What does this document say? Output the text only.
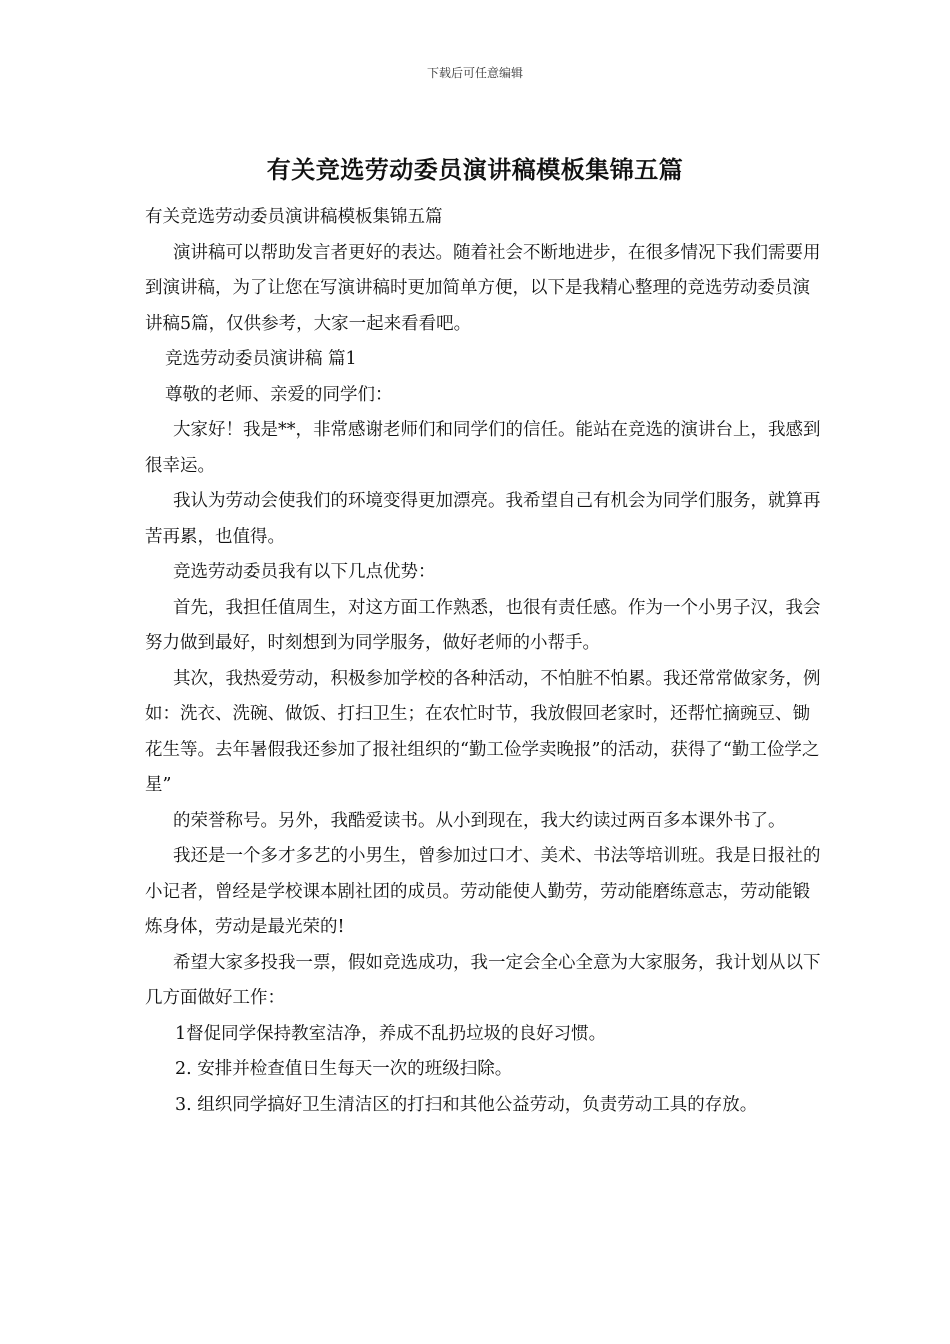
下载后可任意编辑
有关竞选劳动委员演讲稿模板集锦五篇

有关竞选劳动委员演讲稿模板集锦五篇

演讲稿可以帮助发言者更好的表达。随着社会不断地进步，在很多情况下我们需要用到演讲稿，为了让您在写演讲稿时更加简单方便，以下是我精心整理的竞选劳动委员演讲稿5篇，仅供参考，大家一起来看看吧。

竞选劳动委员演讲稿 篇1

尊敬的老师、亲爱的同学们：

大家好！我是**，非常感谢老师们和同学们的信任。能站在竞选的演讲台上，我感到很幸运。

我认为劳动会使我们的环境变得更加漂亮。我希望自己有机会为同学们服务，就算再苦再累，也值得。

竞选劳动委员我有以下几点优势：

首先，我担任值周生，对这方面工作熟悉，也很有责任感。作为一个小男子汉，我会努力做到最好，时刻想到为同学服务，做好老师的小帮手。

其次，我热爱劳动，积极参加学校的各种活动，不怕脏不怕累。我还常常做家务，例如：洗衣、洗碗、做饭、打扫卫生；在农忙时节，我放假回老家时，还帮忙摘豌豆、锄花生等。去年暑假我还参加了报社组织的“勤工俭学卖晚报”的活动，获得了“勤工俭学之星”

的荣誉称号。另外，我酷爱读书。从小到现在，我大约读过两百多本课外书了。

我还是一个多才多艺的小男生，曾参加过口才、美术、书法等培训班。我是日报社的小记者，曾经是学校课本剧社团的成员。劳动能使人勤劳，劳动能磨练意志，劳动能锻炼身体，劳动是最光荣的!

希望大家多投我一票，假如竞选成功，我一定会全心全意为大家服务，我计划从以下几方面做好工作：

1督促同学保持教室洁净，养成不乱扔垃圾的良好习惯。

2. 安排并检查值日生每天一次的班级扫除。

3. 组织同学搞好卫生清洁区的打扫和其他公益劳动，负责劳动工具的存放。
